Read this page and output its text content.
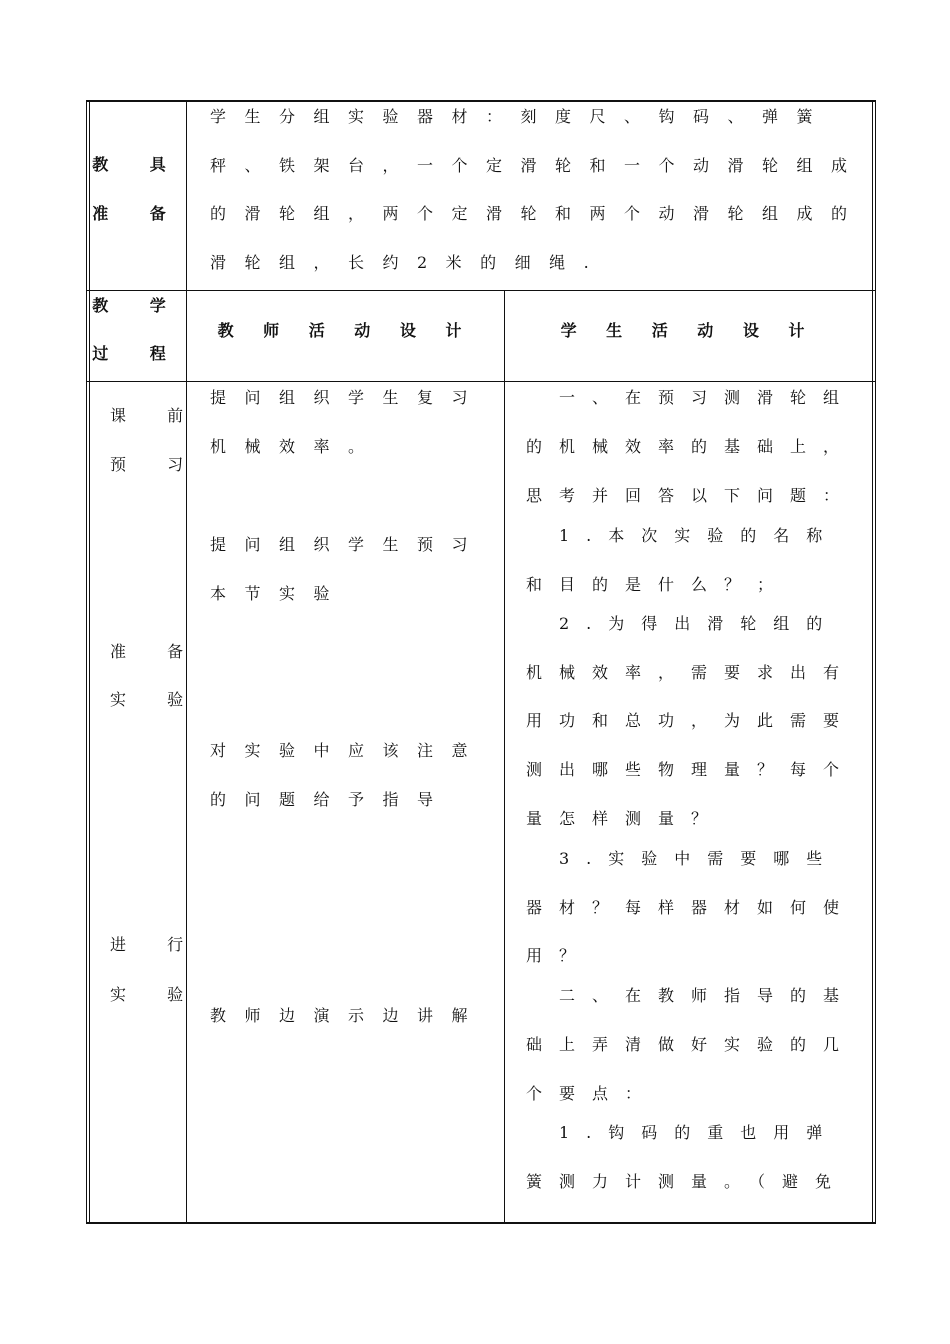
教 具
准 备
学生分组实验器材：刻度尺、钩码、弹簧
秤、铁架台，一个定滑轮和一个动滑轮组成
的滑轮组，两个定滑轮和两个动滑轮组成的
滑轮组，长约2米的细绳.
教 学
过 程
教 师 活 动 设 计	学 生 活 动 设 计
课 前
预 习
准 备
实 验
进 行
实 验
提问组织学生复习
机械效率。
提问组织学生预习
本节实验
对实验中应该注意
的问题给予指导
教师边演示边讲解
一、在预习测滑轮组
的机械效率的基础上，
思考并回答以下问题：
1.本次实验的名称
和目的是什么？；
2.为得出滑轮组的
机械效率，需要求出有
用功和总功，为此需要
测出哪些物理量？每个
量怎样测量？
3.实验中需要哪些
器材？每样器材如何使
用？
二、在教师指导的基
础上弄清做好实验的几
个要点：
1.钩码的重也用弹
簧测力计测量。（避免
